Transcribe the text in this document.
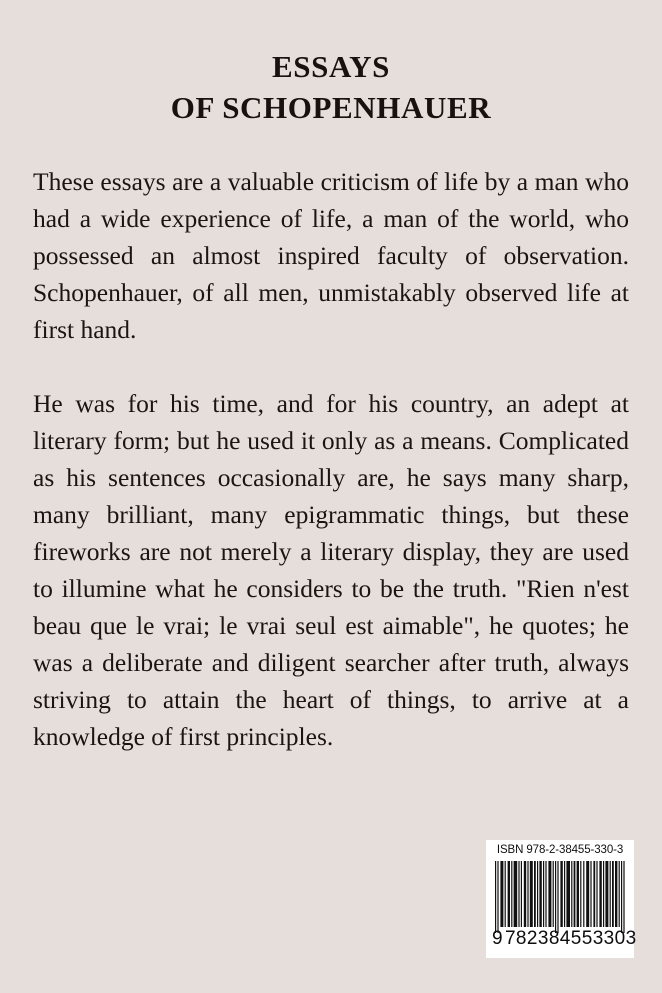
ESSAYS
OF SCHOPENHAUER

These essays are a valuable criticism of life by a man who had a wide experience of life, a man of the world, who possessed an almost inspired faculty of observation. Schopenhauer, of all men, unmistakably observed life at first hand.

He was for his time, and for his country, an adept at literary form; but he used it only as a means. Complicated as his sentences occasionally are, he says many sharp, many brilliant, many epigrammatic things, but these fireworks are not merely a literary display, they are used to illumine what he considers to be the truth. "Rien n'est beau que le vrai; le vrai seul est aimable", he quotes; he was a deliberate and diligent searcher after truth, always striving to attain the heart of things, to arrive at a knowledge of first principles.

ISBN 978-2-38455-330-3
9 782384 553303
